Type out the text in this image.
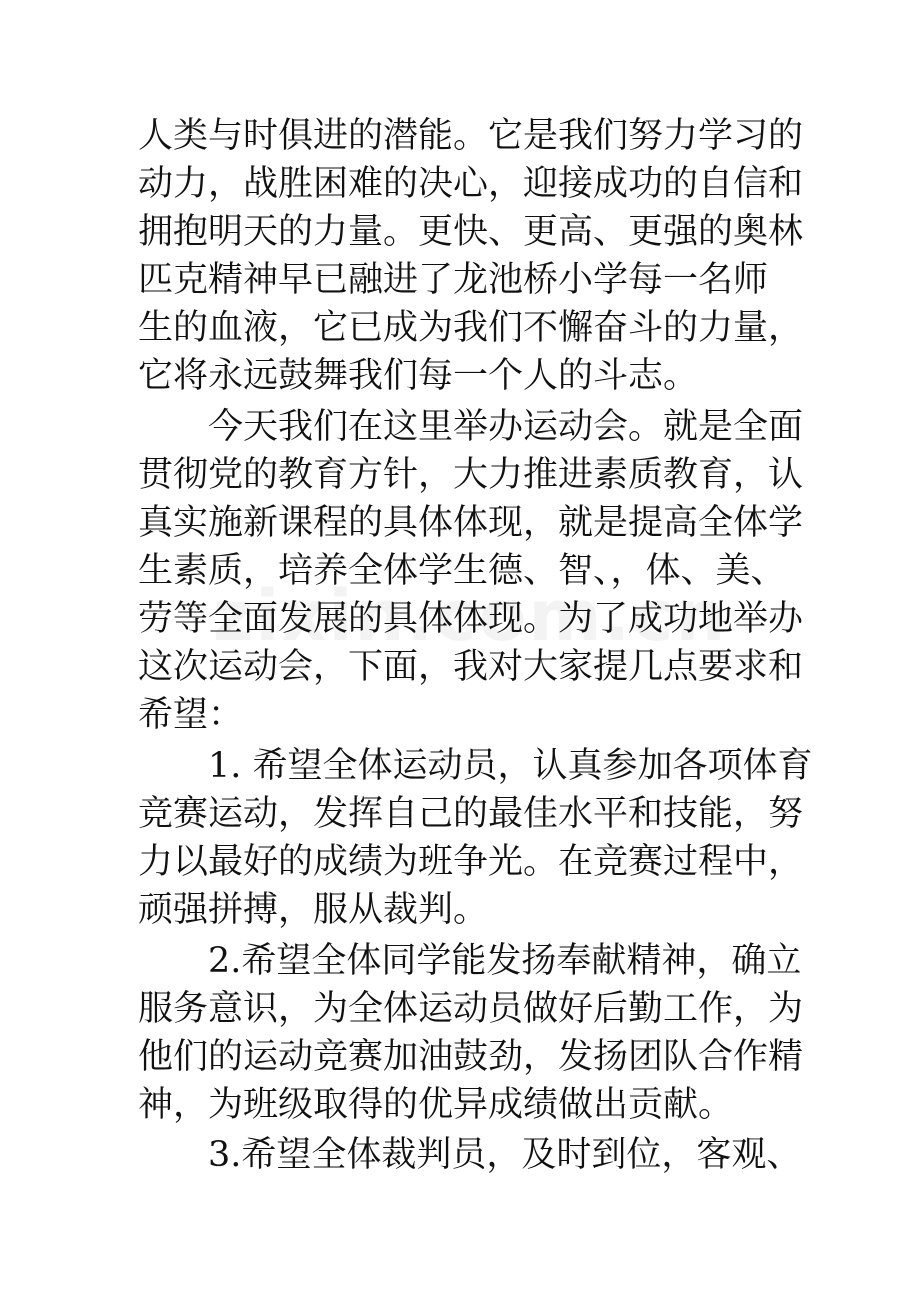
人类与时俱进的潜能。它是我们努力学习的
动力，战胜困难的决心，迎接成功的自信和
拥抱明天的力量。更快、更高、更强的奥林
匹克精神早已融进了龙池桥小学每一名师
生的血液，它已成为我们不懈奋斗的力量，
它将永远鼓舞我们每一个人的斗志。
今天我们在这里举办运动会。就是全面
贯彻党的教育方针，大力推进素质教育，认
真实施新课程的具体体现，就是提高全体学
生素质，培养全体学生德、智、，体、美、
劳等全面发展的具体体现。为了成功地举办
这次运动会，下面，我对大家提几点要求和
希望：
1. 希望全体运动员，认真参加各项体育
竞赛运动，发挥自己的最佳水平和技能，努
力以最好的成绩为班争光。在竞赛过程中，
顽强拼搏，服从裁判。
2.希望全体同学能发扬奉献精神，确立
服务意识，为全体运动员做好后勤工作，为
他们的运动竞赛加油鼓劲，发扬团队合作精
神，为班级取得的优异成绩做出贡献。
3.希望全体裁判员，及时到位，客观、
